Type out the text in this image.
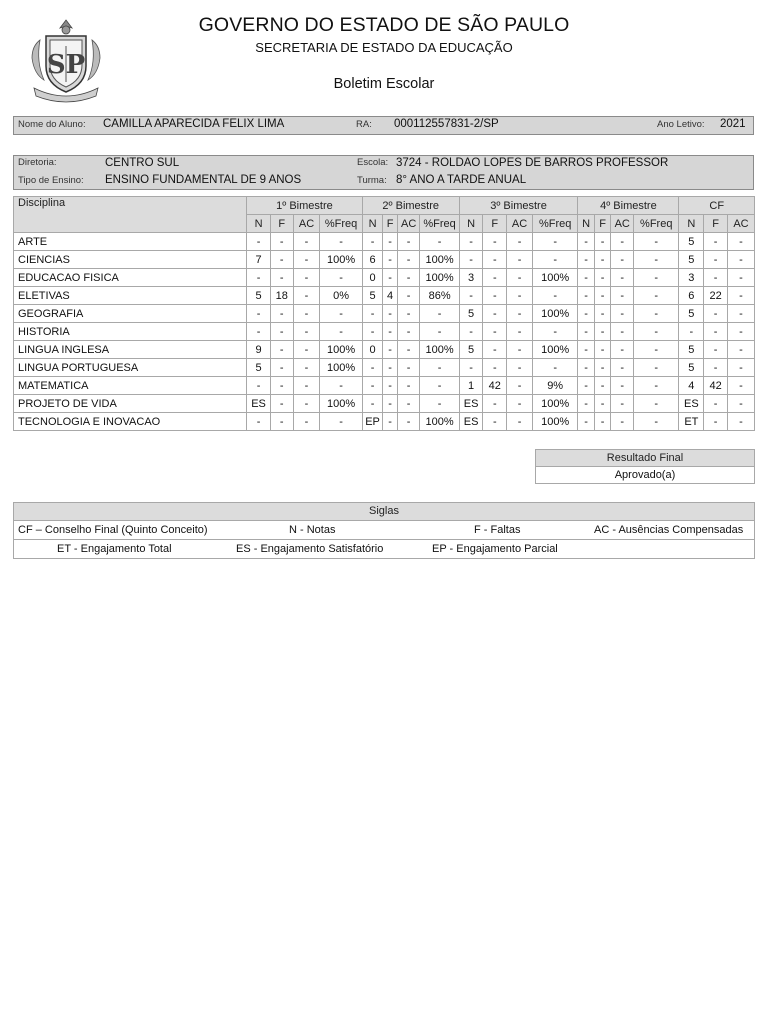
SP
GOVERNO DO ESTADO DE SÃO PAULO
SECRETARIA DE ESTADO DA EDUCAÇÃO
Boletim Escolar
Nome do Aluno: CAMILLA APARECIDA FELIX LIMA	RA: 000112557831-2/SP	Ano Letivo: 2021
Diretoria:	CENTRO SUL	Escola: 3724 - ROLDAO LOPES DE BARROS PROFESSOR
Tipo de Ensino: ENSINO FUNDAMENTAL DE 9 ANOS	Turma: 8° ANO A TARDE ANUAL
Disciplina	1º Bimestre				2º Bimestre				3º Bimestre				4º Bimestre				CF		
	N	F	AC	%Freq	N	F	AC	%Freq	N	F	AC	%Freq	N	F	AC	%Freq	N	F	AC
ARTE	-	-	-	-	-	-	-	-	-	-	-	-	-	-	-	-	5	-	-
CIENCIAS	7	-	-	100%	6	-	-	100%	-	-	-	-	-	-	-	-	5	-	-
EDUCACAO FISICA	-	-	-	-	0	-	-	100%	3	-	-	100%	-	-	-	-	3	-	-
ELETIVAS	5	18	-	0%	5	4	-	86%	-	-	-	-	-	-	-	-	6	22	-
GEOGRAFIA	-	-	-	-	-	-	-	-	5	-	-	100%	-	-	-	-	5	-	-
HISTORIA	-	-	-	-	-	-	-	-	-	-	-	-	-	-	-	-	-	-	-
LINGUA INGLESA	9	-	-	100%	0	-	-	100%	5	-	-	100%	-	-	-	-	5	-	-
LINGUA PORTUGUESA	5	-	-	100%	-	-	-	-	-	-	-	-	-	-	-	-	5	-	-
MATEMATICA	-	-	-	-	-	-	-	-	1	42	-	9%	-	-	-	-	4	42	-
PROJETO DE VIDA	ES	-	-	100%	-	-	-	-	ES	-	-	100%	-	-	-	-	ES	-	-
TECNOLOGIA E INOVACAO	-	-	-	-	EP	-	-	100%	ES	-	-	100%	-	-	-	-	ET	-	-
Resultado Final
Aprovado(a)
Siglas
CF – Conselho Final (Quinto Conceito)	N - Notas	F - Faltas	AC - Ausências Compensadas
ET - Engajamento Total	ES - Engajamento Satisfatório	EP - Engajamento Parcial
